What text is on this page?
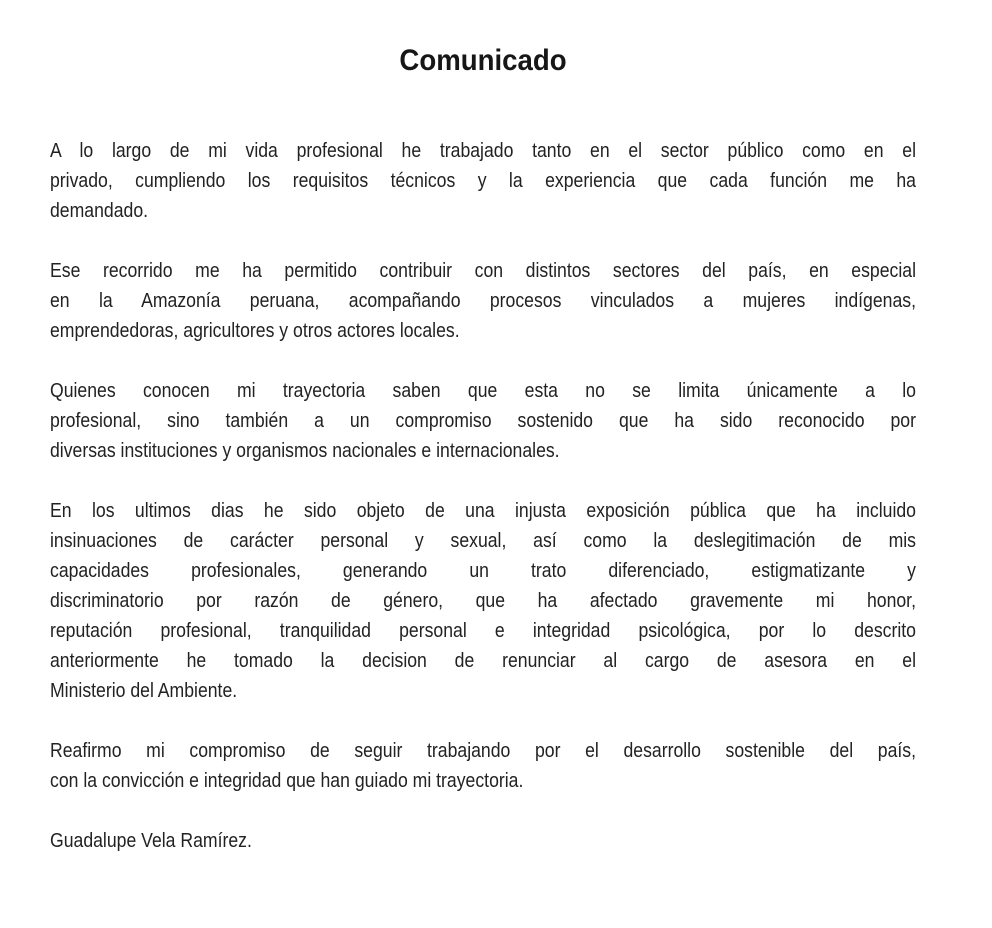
Comunicado
A lo largo de mi vida profesional he trabajado tanto en el sector público como en el
privado, cumpliendo los requisitos técnicos y la experiencia que cada función me ha
demandado.
Ese recorrido me ha permitido contribuir con distintos sectores del país, en especial
en la Amazonía peruana, acompañando procesos vinculados a mujeres indígenas,
emprendedoras, agricultores y otros actores locales.
Quienes conocen mi trayectoria saben que esta no se limita únicamente a lo
profesional, sino también a un compromiso sostenido que ha sido reconocido por
diversas instituciones y organismos nacionales e internacionales.
En los ultimos dias he sido objeto de una injusta exposición pública que ha incluido
insinuaciones de carácter personal y sexual, así como la deslegitimación de mis
capacidades profesionales, generando un trato diferenciado, estigmatizante y
discriminatorio por razón de género, que ha afectado gravemente mi honor,
reputación profesional, tranquilidad personal e integridad psicológica, por lo descrito
anteriormente he tomado la decision de renunciar al cargo de asesora en el
Ministerio del Ambiente.
Reafirmo mi compromiso de seguir trabajando por el desarrollo sostenible del país,
con la convicción e integridad que han guiado mi trayectoria.
Guadalupe Vela Ramírez.
